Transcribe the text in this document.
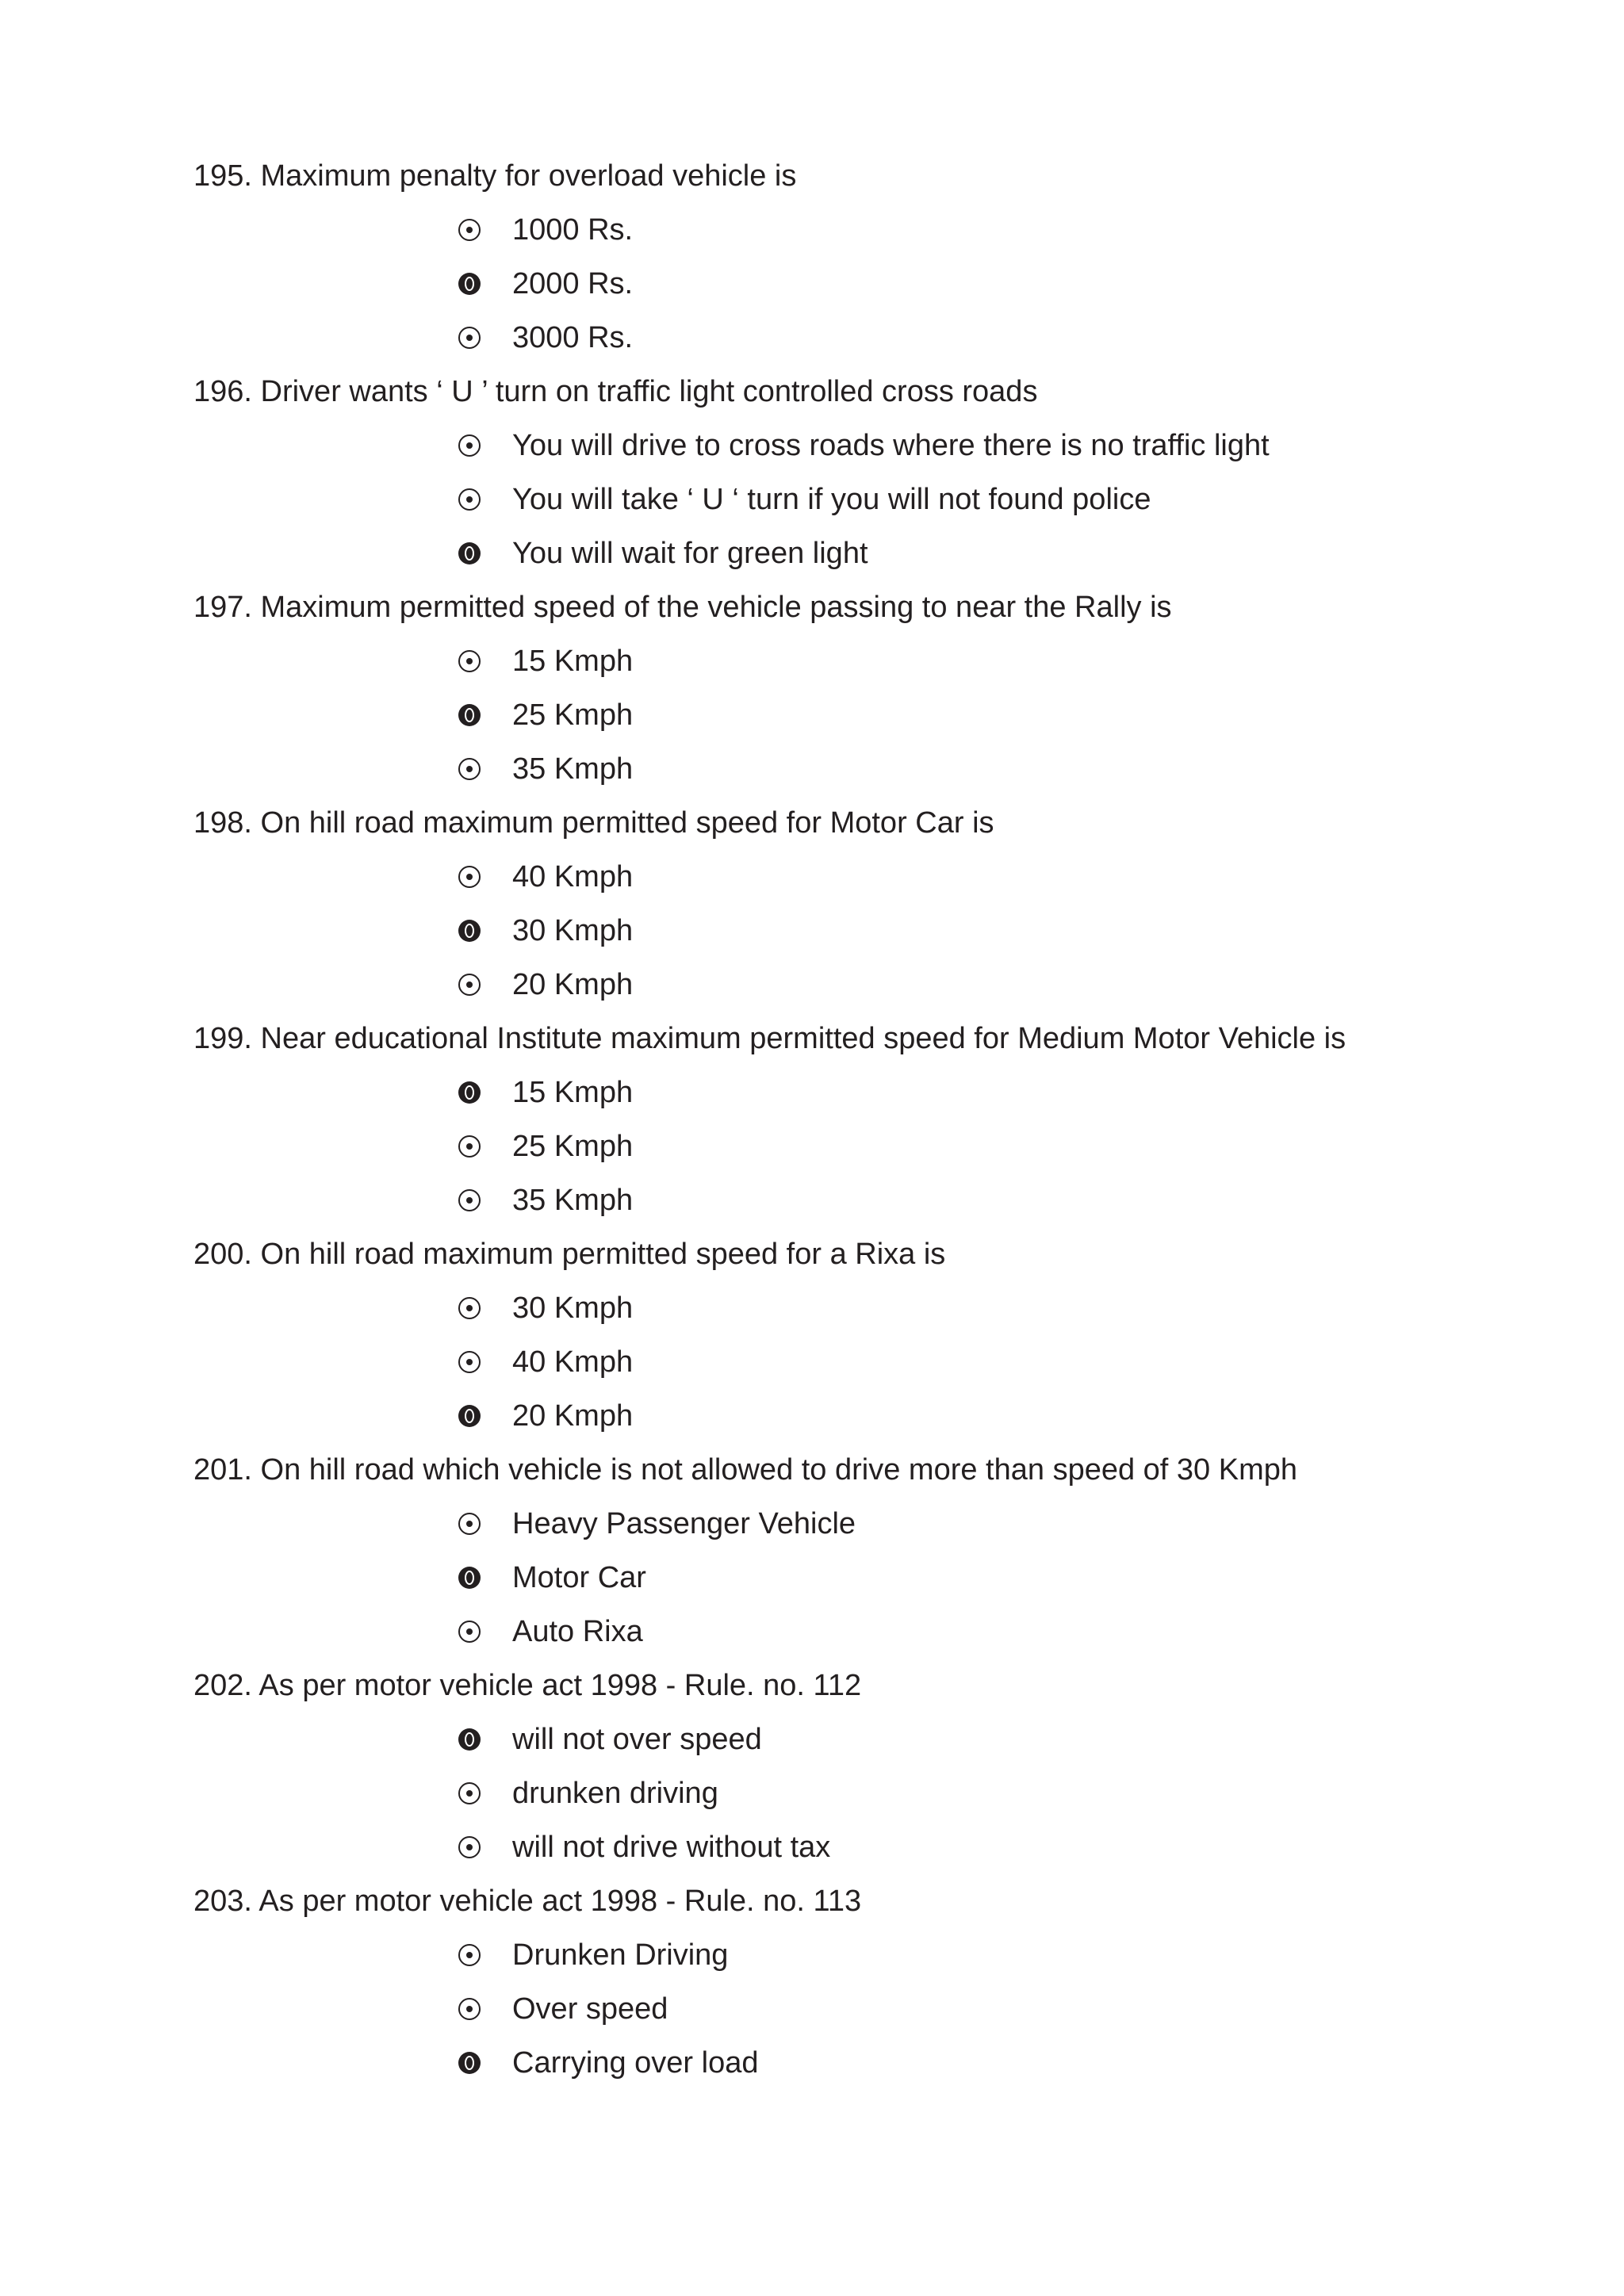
195. Maximum penalty for overload vehicle is
1000 Rs.
2000 Rs.
3000 Rs.
196. Driver wants ‘ U ’ turn on traffic light controlled cross roads
You will drive to cross roads where there is no traffic light
You will take ‘ U ‘ turn if you will not found police
You will wait for green light
197. Maximum permitted speed of the vehicle passing to near the Rally is
15 Kmph
25 Kmph
35 Kmph
198. On hill road maximum permitted speed for Motor Car is
40 Kmph
30 Kmph
20 Kmph
199. Near educational Institute maximum permitted speed for Medium Motor Vehicle is
15 Kmph
25 Kmph
35 Kmph
200. On hill road maximum permitted speed for a Rixa is
30 Kmph
40 Kmph
20 Kmph
201. On hill road which vehicle is not allowed to drive more than speed of 30 Kmph
Heavy Passenger Vehicle
Motor Car
Auto Rixa
202. As per motor vehicle act 1998 - Rule. no. 112
will not over speed
drunken driving
will not drive without tax
203. As per motor vehicle act 1998 - Rule. no. 113
Drunken Driving
Over speed
Carrying over load
